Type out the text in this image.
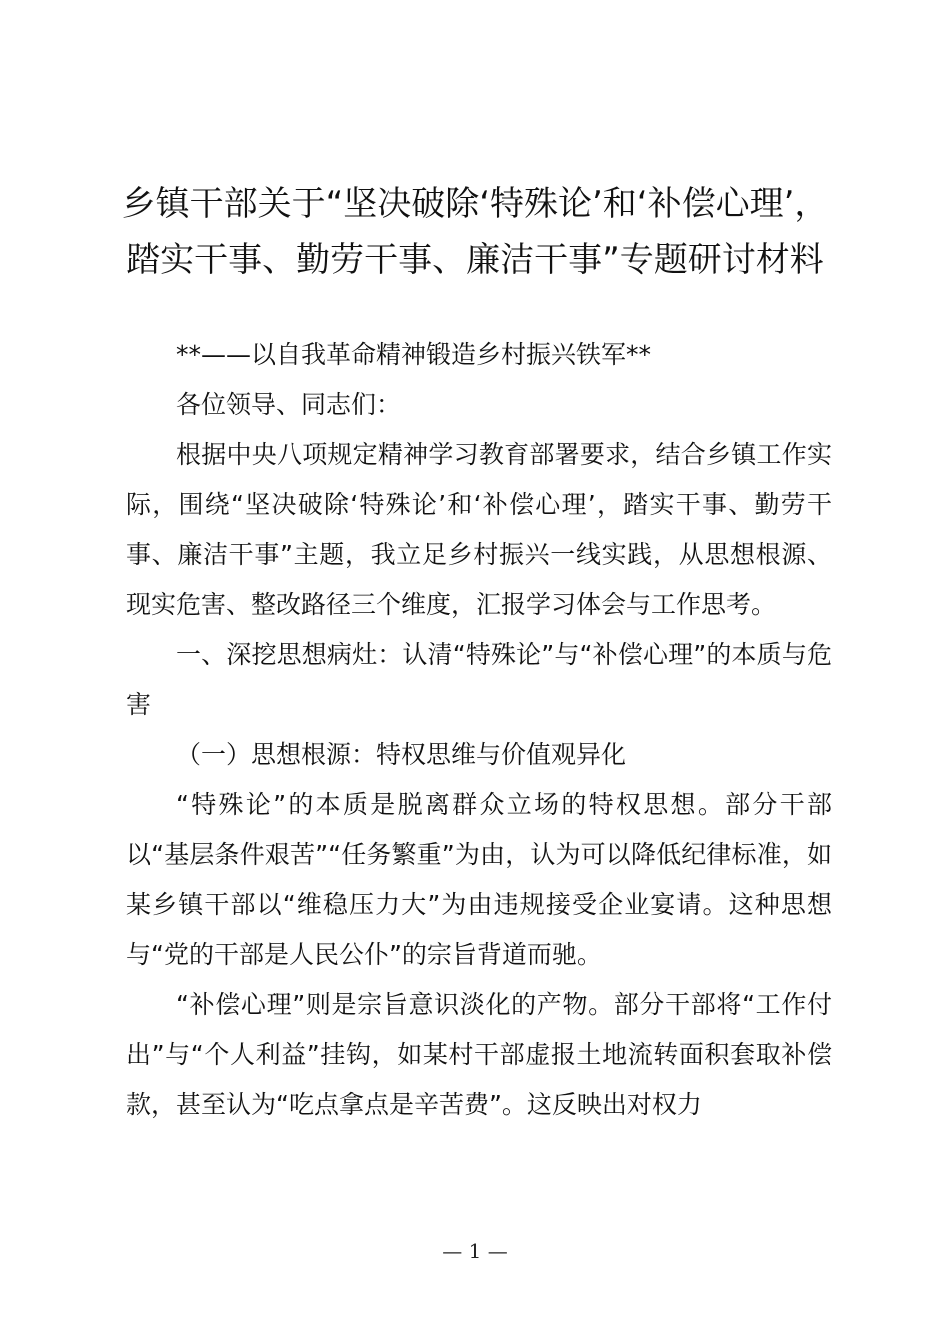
乡镇干部关于“坚决破除‘特殊论’和‘补偿心理’，踏实干事、勤劳干事、廉洁干事”专题研讨材料

**——以自我革命精神锻造乡村振兴铁军**

各位领导、同志们：

根据中央八项规定精神学习教育部署要求，结合乡镇工作实际，围绕“坚决破除‘特殊论’和‘补偿心理’，踏实干事、勤劳干事、廉洁干事”主题，我立足乡村振兴一线实践，从思想根源、现实危害、整改路径三个维度，汇报学习体会与工作思考。

一、深挖思想病灶：认清“特殊论”与“补偿心理”的本质与危害

（一）思想根源：特权思维与价值观异化

“特殊论”的本质是脱离群众立场的特权思想。部分干部以“基层条件艰苦”“任务繁重”为由，认为可以降低纪律标准，如某乡镇干部以“维稳压力大”为由违规接受企业宴请。这种思想与“党的干部是人民公仆”的宗旨背道而驰。

“补偿心理”则是宗旨意识淡化的产物。部分干部将“工作付出”与“个人利益”挂钩，如某村干部虚报土地流转面积套取补偿款，甚至认为“吃点拿点是辛苦费”。这反映出对权力

— 1 —
